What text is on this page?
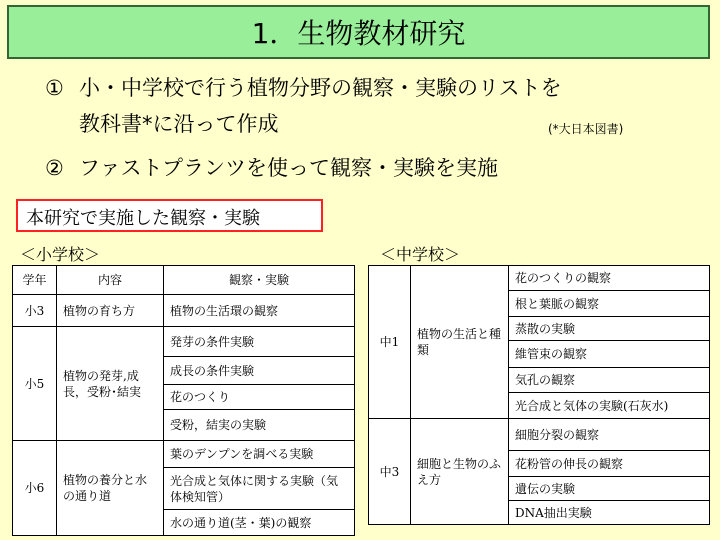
1．生物教材研究
① 小・中学校で行う植物分野の観察・実験のリストを
教科書*に沿って作成	(*大日本図書)
② ファストプランツを使って観察・実験を実施
本研究で実施した観察・実験
＜小学校＞	＜中学校＞
学年	内容	観察・実験
小3	植物の育ち方	植物の生活環の観察
小5	植物の発芽,成長，受粉･結実	発芽の条件実験
		成長の条件実験
		花のつくり
		受粉，結実の実験
小6	植物の養分と水の通り道	葉のデンプンを調べる実験
		光合成と気体に関する実験（気体検知管）
		水の通り道(茎・葉)の観察
中1	植物の生活と種類	花のつくりの観察
		根と葉脈の観察
		蒸散の実験
		維管束の観察
		気孔の観察
		光合成と気体の実験(石灰水)
中3	細胞と生物のふえ方	細胞分裂の観察
		花粉管の伸長の観察
		遺伝の実験
		DNA抽出実験
